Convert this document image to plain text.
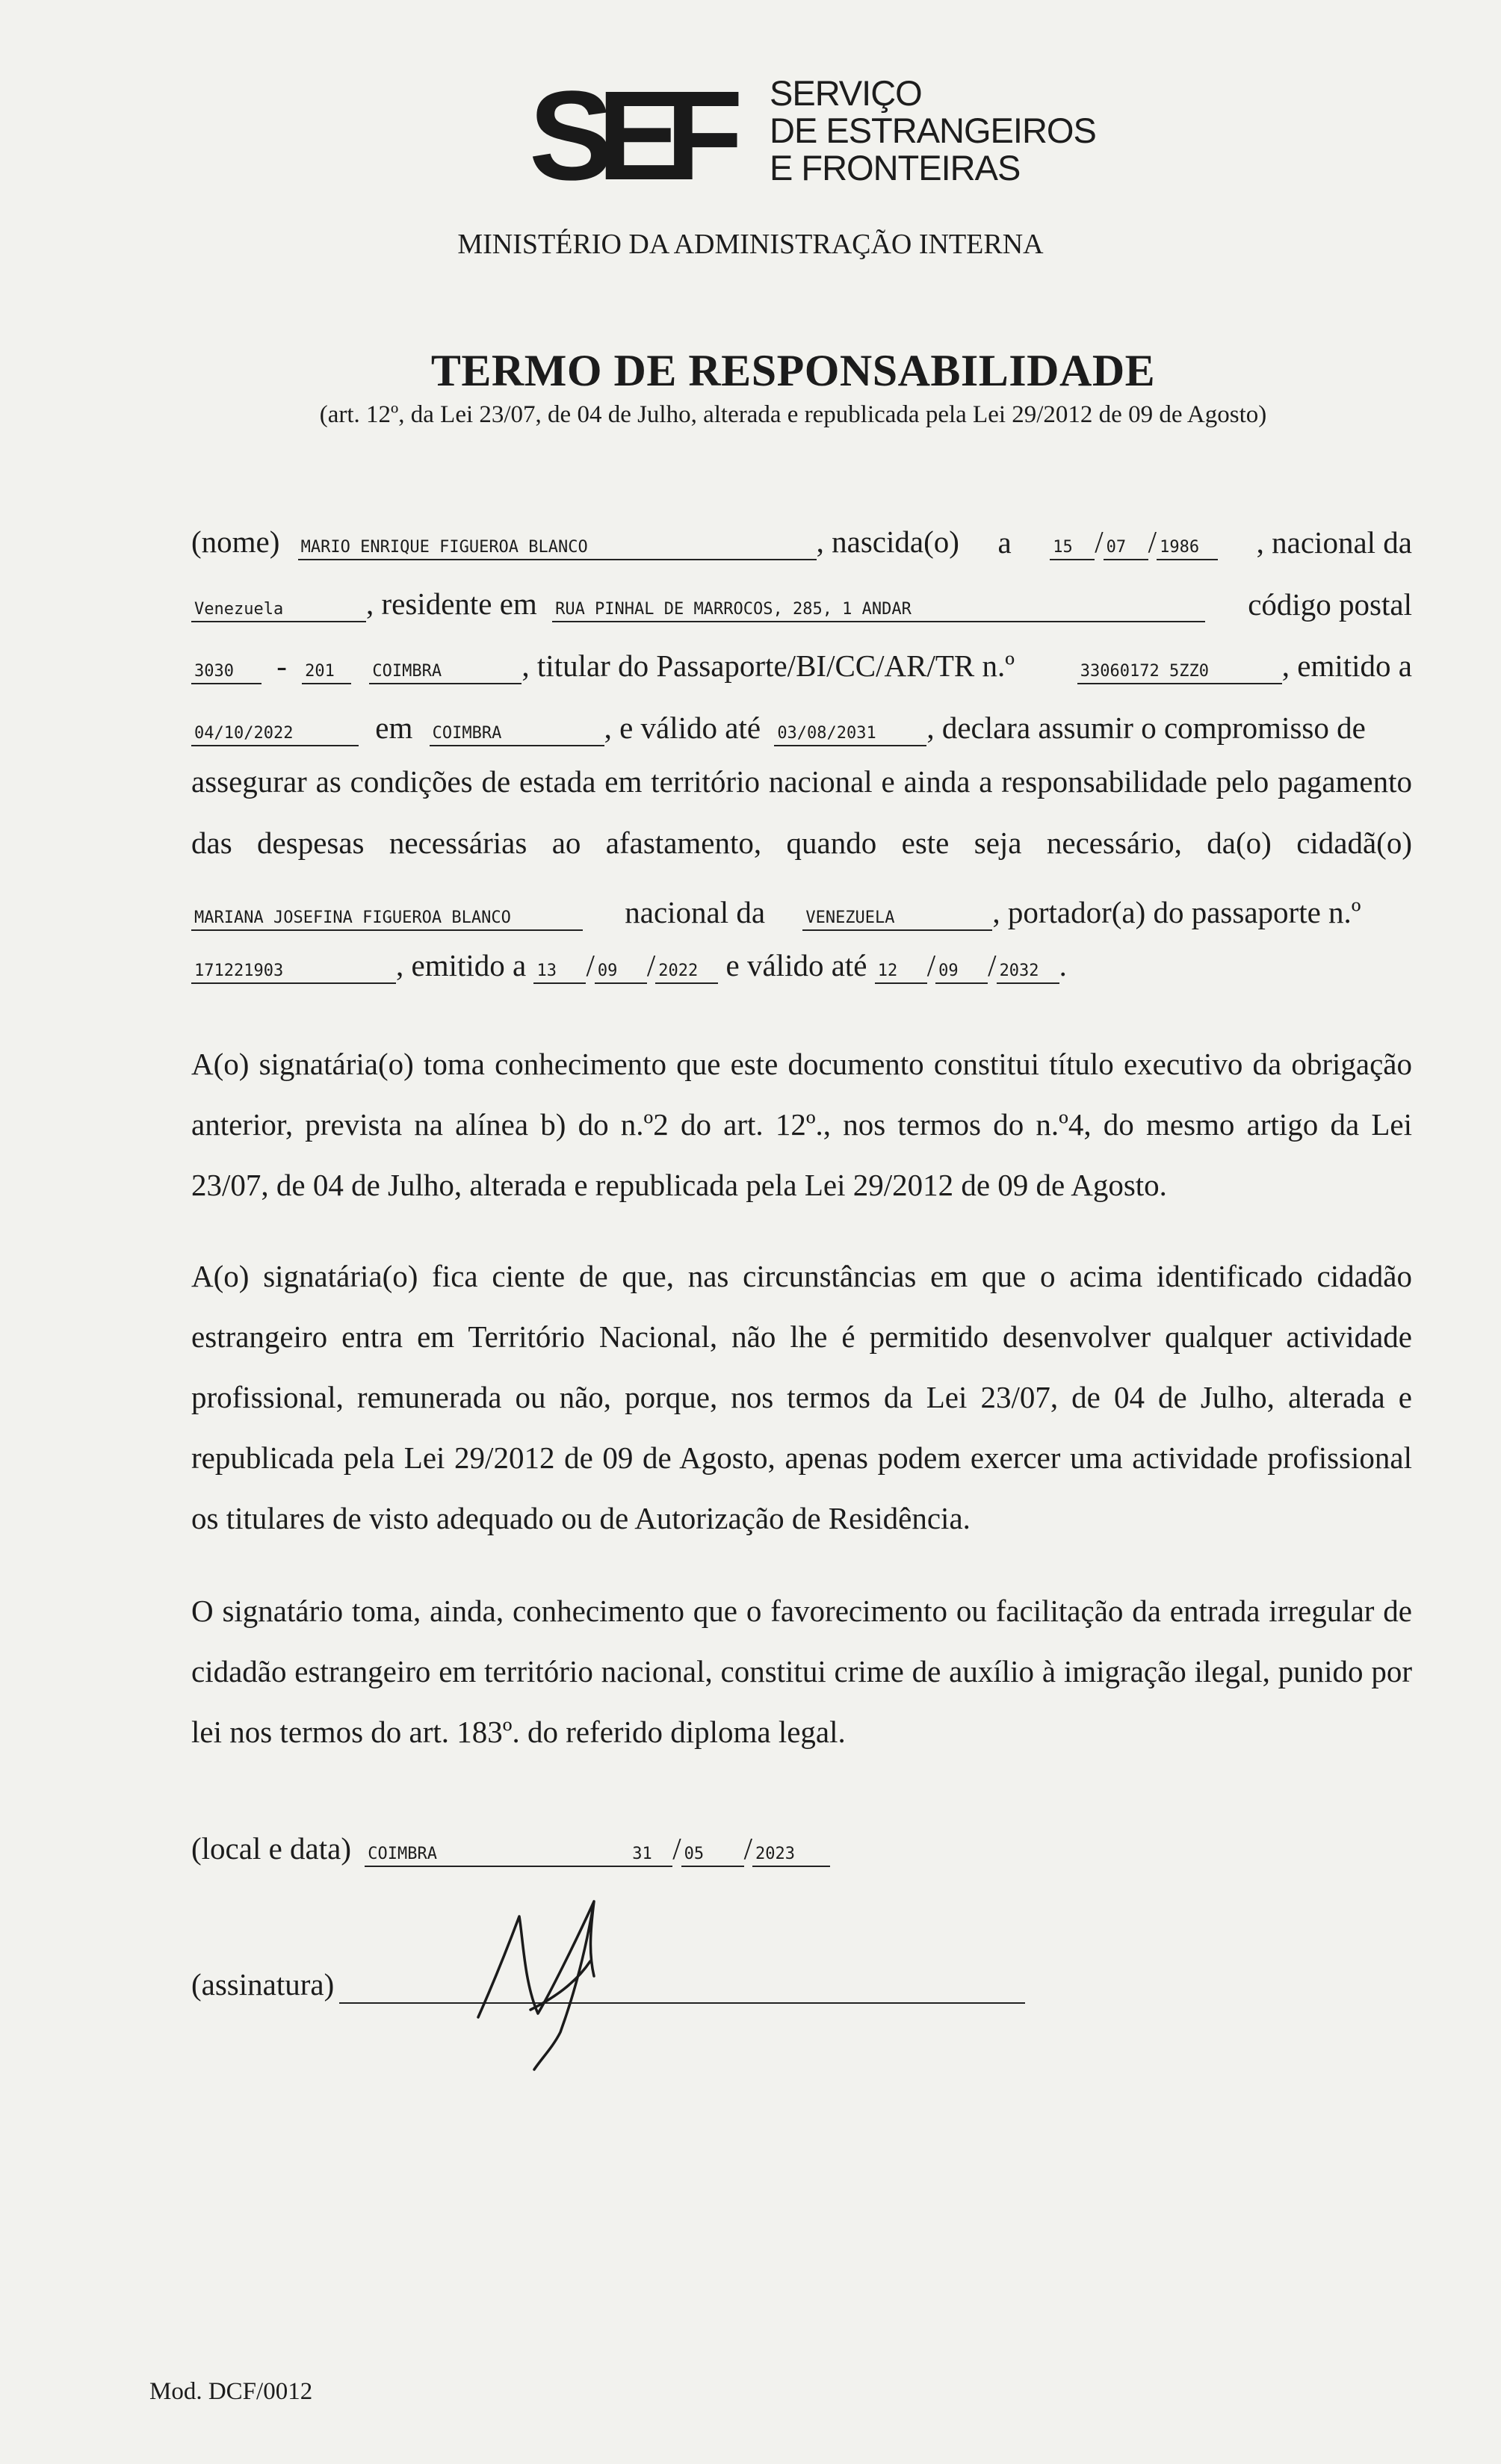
SEF	SERVIÇO
DE ESTRANGEIROS
E FRONTEIRAS
MINISTÉRIO DA ADMINISTRAÇÃO INTERNA
TERMO DE RESPONSABILIDADE
(art. 12º, da Lei 23/07, de 04 de Julho, alterada e republicada pela Lei 29/2012 de 09 de Agosto)
(nome) MARIO ENRIQUE FIGUEROA BLANCO	, nascida(o) a	15 / 07 / 1986	, nacional da
Venezuela	, residente em RUA PINHAL DE MARROCOS, 285, 1 ANDAR	código postal
3030 - 201 COIMBRA	, titular do Passaporte/BI/CC/AR/TR n.º	33060172 5ZZ0 , emitido a
04/10/2022	em COIMBRA	, e válido até 03/08/2031 , declara assumir o compromisso de
assegurar as condições de estada em território nacional e ainda a responsabilidade pelo pagamento
das despesas necessárias ao afastamento, quando este seja necessário, da(o) cidadã(o)
MARIANA JOSEFINA FIGUEROA BLANCO	nacional da VENEZUELA	, portador(a) do passaporte n.º
171221903	, emitido a 13 / 09 / 2022 e válido até 12 / 09 / 2032 .
A(o) signatária(o) toma conhecimento que este documento constitui título executivo da obrigação anterior, prevista na alínea b) do n.º2 do art. 12º., nos termos do n.º4, do mesmo artigo da Lei 23/07, de 04 de Julho, alterada e republicada pela Lei 29/2012 de 09 de Agosto.
A(o) signatária(o) fica ciente de que, nas circunstâncias em que o acima identificado cidadão estrangeiro entra em Território Nacional, não lhe é permitido desenvolver qualquer actividade profissional, remunerada ou não, porque, nos termos da Lei 23/07, de 04 de Julho, alterada e republicada pela Lei 29/2012 de 09 de Agosto, apenas podem exercer uma actividade profissional os titulares de visto adequado ou de Autorização de Residência.
O signatário toma, ainda, conhecimento que o favorecimento ou facilitação da entrada irregular de cidadão estrangeiro em território nacional, constitui crime de auxílio à imigração ilegal, punido por lei nos termos do art. 183º. do referido diploma legal.
(local e data) COIMBRA	31 / 05 / 2023
(assinatura)
Mod. DCF/0012
